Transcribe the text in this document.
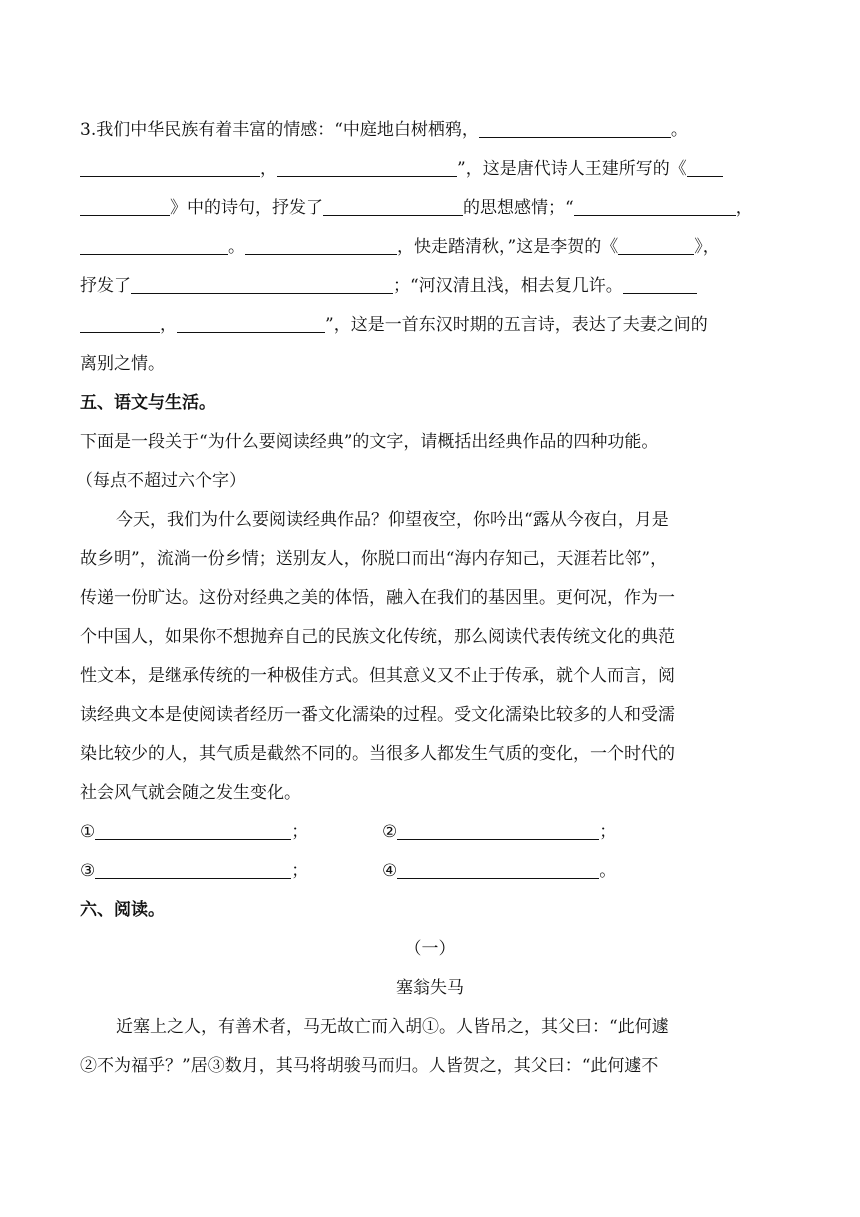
3.我们中华民族有着丰富的情感：“中庭地白树栖鸦，	。
，	”，这是唐代诗人王建所写的《
》中的诗句，抒发了	的思想感情；“	，
。	，快走踏清秋，”这是李贺的《	》，
抒发了	；“河汉清且浅，相去复几许。
，	”，这是一首东汉时期的五言诗，表达了夫妻之间的
离别之情。
五、语文与生活。
下面是一段关于“为什么要阅读经典”的文字，请概括出经典作品的四种功能。
（每点不超过六个字）
今天，我们为什么要阅读经典作品？仰望夜空，你吟出“露从今夜白，月是
故乡明”，流淌一份乡情；送别友人，你脱口而出“海内存知己，天涯若比邻”，
传递一份旷达。这份对经典之美的体悟，融入在我们的基因里。更何况，作为一
个中国人，如果你不想抛弃自己的民族文化传统，那么阅读代表传统文化的典范
性文本，是继承传统的一种极佳方式。但其意义又不止于传承，就个人而言，阅
读经典文本是使阅读者经历一番文化濡染的过程。受文化濡染比较多的人和受濡
染比较少的人，其气质是截然不同的。当很多人都发生气质的变化，一个时代的
社会风气就会随之发生变化。
①	；	②	；
③	；	④	。
六、阅读。
（一）
塞翁失马
近塞上之人，有善术者，马无故亡而入胡①。人皆吊之，其父曰：“此何遽
②不为福乎？”居③数月，其马将胡骏马而归。人皆贺之，其父曰：“此何遽不
